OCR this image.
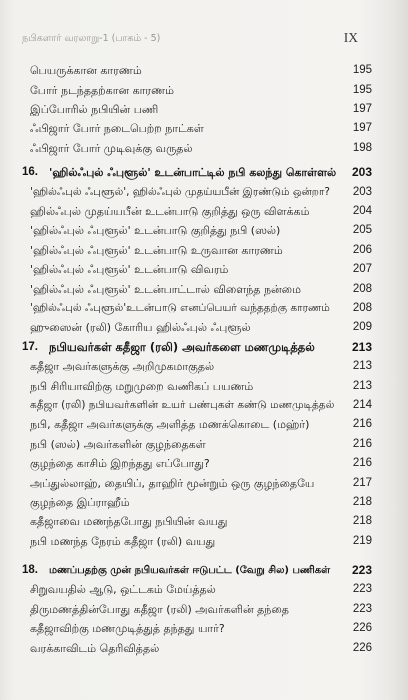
நபிகளார் வரலாறு-1 (பாகம் - 5)	IX
பெயருக்கான காரணம்	195
போர் நடந்ததற்கான காரணம்	195
இப்போரில் நபியின் பணி	197
ஃபிஜார் போர் நடைபெற்ற நாட்கள்	197
ஃபிஜார் போர் முடிவுக்கு வருதல்	198
16.	'ஹில்ஃபுல் ஃபுளூல்' உடன்பாட்டில் நபி கலந்து கொள்ளல்	203
'ஹில்ஃபுல் ஃபுளூல்', ஹில்ஃபுல் முதய்யபீன் இரண்டும் ஒன்றா?	203
ஹில்ஃபுல் முதய்யபீன் உடன்பாடு குறித்து ஒரு விளக்கம்	204
'ஹில்ஃபுல் ஃபுளூல்' உடன்பாடு குறித்து நபி (ஸல்)	205
'ஹில்ஃபுல் ஃபுளூல்' உடன்பாடு உருவான காரணம்	206
'ஹில்ஃபுல் ஃபுளூல்' உடன்பாடு விவரம்	207
'ஹில்ஃபுல் ஃபுளூல்' உடன்பாட்டால் விளைந்த நன்மை	208
'ஹில்ஃபுல் ஃபுளூல்'உடன்பாடு எனப்பெயர் வந்ததற்கு காரணம்	208
ஹுஸைன் (ரலி) கோரிய ஹில்ஃபுல் ஃபுளூல்	209
17. நபியவர்கள் கதீஜா (ரலி) அவர்களை மணமுடித்தல்	213
கதீஜா அவர்களுக்கு அறிமுகமாகுதல்	213
நபி சிரியாவிற்கு மறுமுறை வணிகப் பயணம்	213
கதீஜா (ரலி) நபியவர்களின் உயர் பண்புகள் கண்டு மணமுடித்தல்	214
நபி, கதீஜா அவர்களுக்கு அளித்த மணக்கொடை (மஹ்ர்)	216
நபி (ஸல்) அவர்களின் குழந்தைகள்	216
குழந்தை காசிம் இறந்தது எப்போது?	216
அப்துல்லாஹ், தையிப், தாஹிர் மூன்றும் ஒரு குழந்தையே	217
குழந்தை இப்ராஹீம்	218
கதீஜாவை மணந்தபோது நபியின் வயது	218
நபி மணந்த நேரம் கதீஜா (ரலி) வயது	219
18.	மணப்பதற்கு முன் நபியவர்கள் ஈடுபட்ட (வேறு சில) பணிகள்	223
சிறுவயதில் ஆடு, ஒட்டகம் மேய்த்தல்	223
திருமணத்தின்போது கதீஜா (ரலி) அவர்களின் தந்தை	223
கதீஜாவிற்கு மணமுடித்துத் தந்தது யார்?	226
வரக்காவிடம் தெரிவித்தல்	226
